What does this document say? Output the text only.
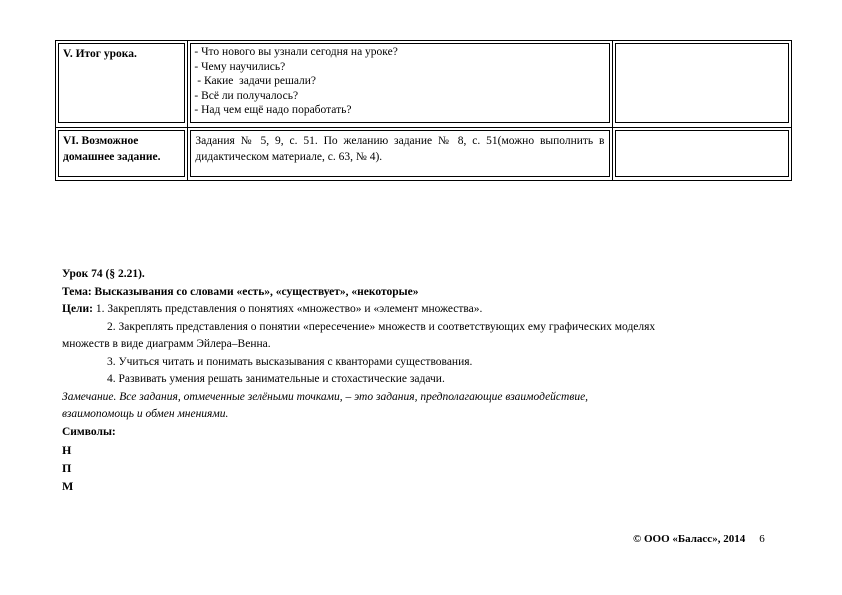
V. Итог урока.	- Что нового вы узнали сегодня на уроке?
- Чему научились?
- Какие  задачи решали?
- Всё ли получалось?
- Над чем ещё надо поработать?	

VI. Возможное домашнее задание.	Задания № 5, 9, с. 51. По желанию задание № 8, с. 51(можно выполнить в дидактическом материале, с. 63, № 4).	

Урок 74 (§ 2.21).
Тема: Высказывания со словами «есть», «существует», «некоторые»
Цели: 1. Закреплять представления о понятиях «множество» и «элемент множества».
2. Закреплять представления о понятии «пересечение» множеств и соответствующих ему графических моделях
множеств в виде диаграмм Эйлера–Венна.
3. Учиться читать и понимать высказывания с кванторами существования.
4. Развивать умения решать занимательные и стохастические задачи.
Замечание. Все задания, отмеченные зелёными точками, – это задания, предполагающие взаимодействие,
взаимопомощь и обмен мнениями.
Символы:
Н
П
М
© ООО «Баласс», 2014 6
